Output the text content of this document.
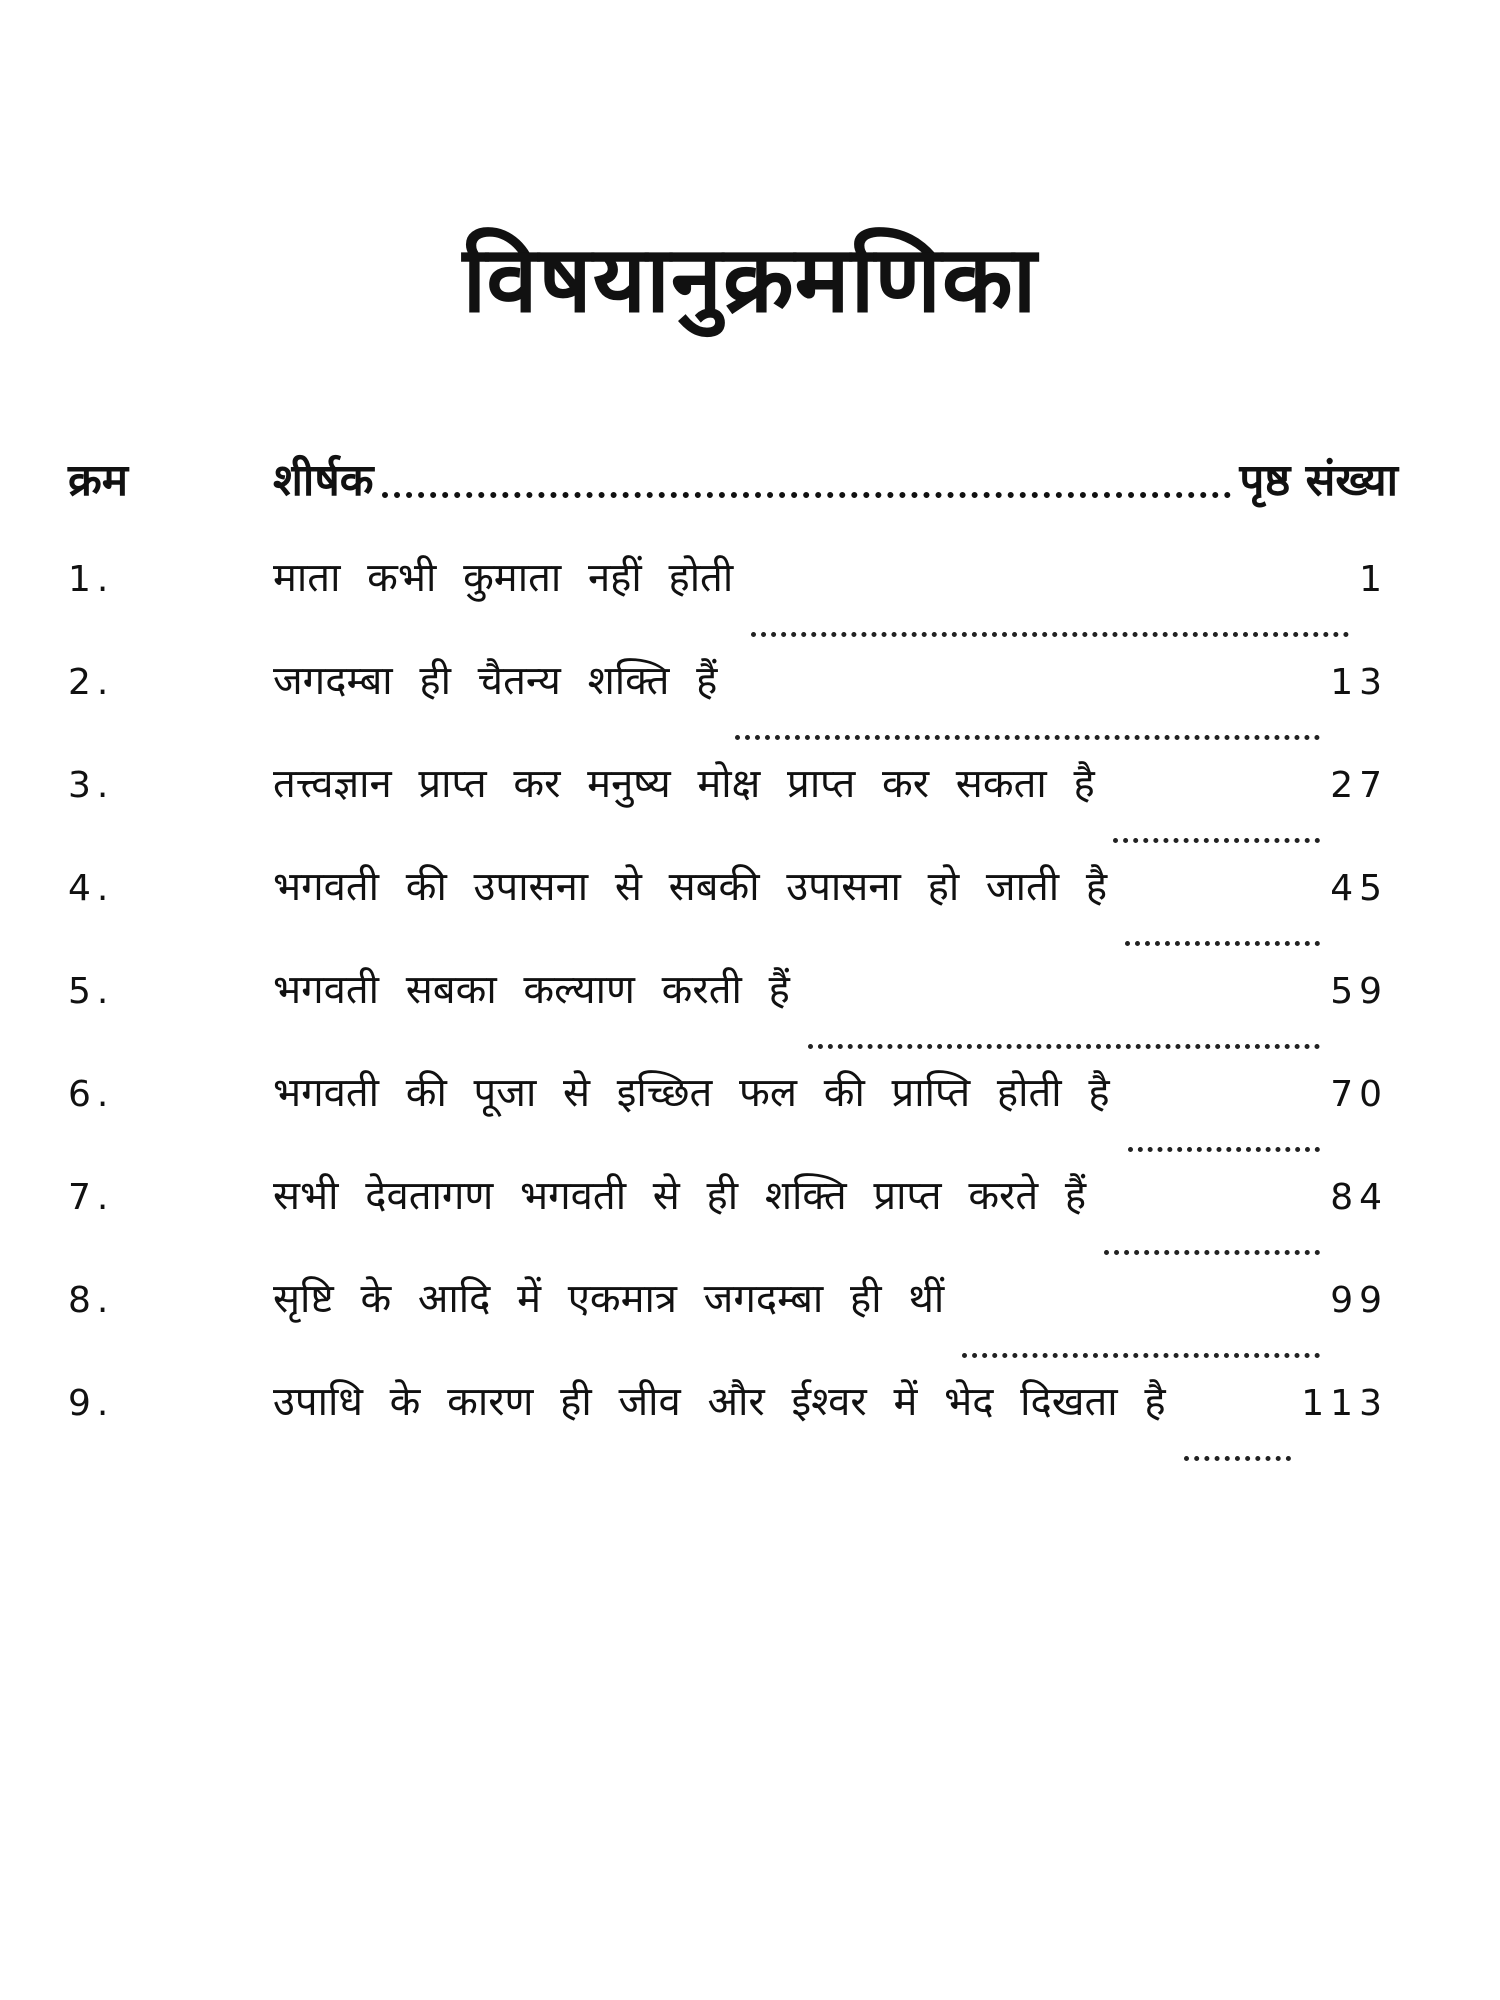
विषयानुक्रमणिका
क्रम	शीर्षक	पृष्ठ संख्या
1.	माता कभी कुमाता नहीं होती	1
2.	जगदम्बा ही चैतन्य शक्ति हैं	13
3.	तत्त्वज्ञान प्राप्त कर मनुष्य मोक्ष प्राप्त कर सकता है	27
4.	भगवती की उपासना से सबकी उपासना हो जाती है	45
5.	भगवती सबका कल्याण करती हैं	59
6.	भगवती की पूजा से इच्छित फल की प्राप्ति होती है	70
7.	सभी देवतागण भगवती से ही शक्ति प्राप्त करते हैं	84
8.	सृष्टि के आदि में एकमात्र जगदम्बा ही थीं	99
9.	उपाधि के कारण ही जीव और ईश्वर में भेद दिखता है	113
